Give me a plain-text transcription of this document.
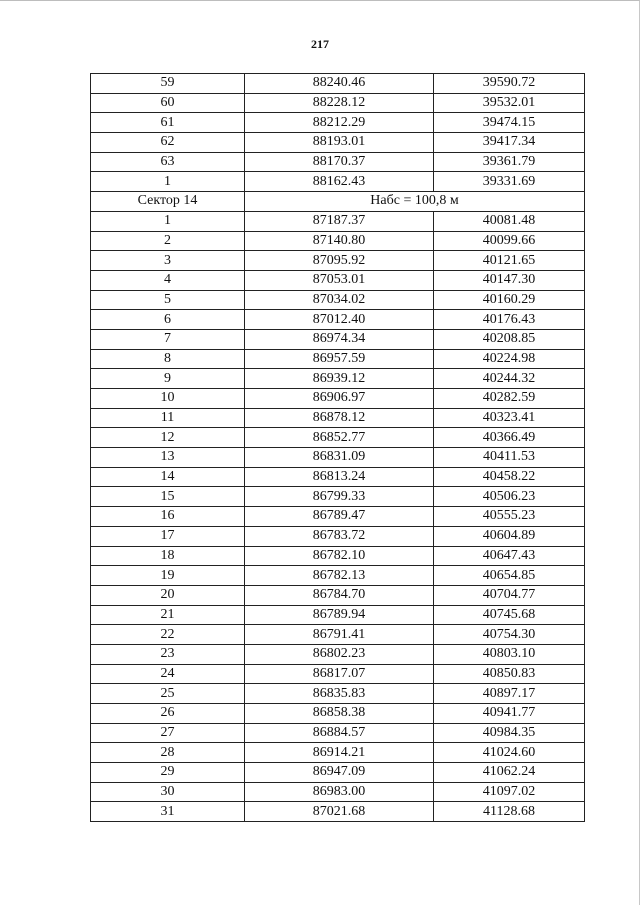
217
59	88240.46	39590.72
60	88228.12	39532.01
61	88212.29	39474.15
62	88193.01	39417.34
63	88170.37	39361.79
1	88162.43	39331.69
Сектор 14	Набс = 100,8 м	
1	87187.37	40081.48
2	87140.80	40099.66
3	87095.92	40121.65
4	87053.01	40147.30
5	87034.02	40160.29
6	87012.40	40176.43
7	86974.34	40208.85
8	86957.59	40224.98
9	86939.12	40244.32
10	86906.97	40282.59
11	86878.12	40323.41
12	86852.77	40366.49
13	86831.09	40411.53
14	86813.24	40458.22
15	86799.33	40506.23
16	86789.47	40555.23
17	86783.72	40604.89
18	86782.10	40647.43
19	86782.13	40654.85
20	86784.70	40704.77
21	86789.94	40745.68
22	86791.41	40754.30
23	86802.23	40803.10
24	86817.07	40850.83
25	86835.83	40897.17
26	86858.38	40941.77
27	86884.57	40984.35
28	86914.21	41024.60
29	86947.09	41062.24
30	86983.00	41097.02
31	87021.68	41128.68
